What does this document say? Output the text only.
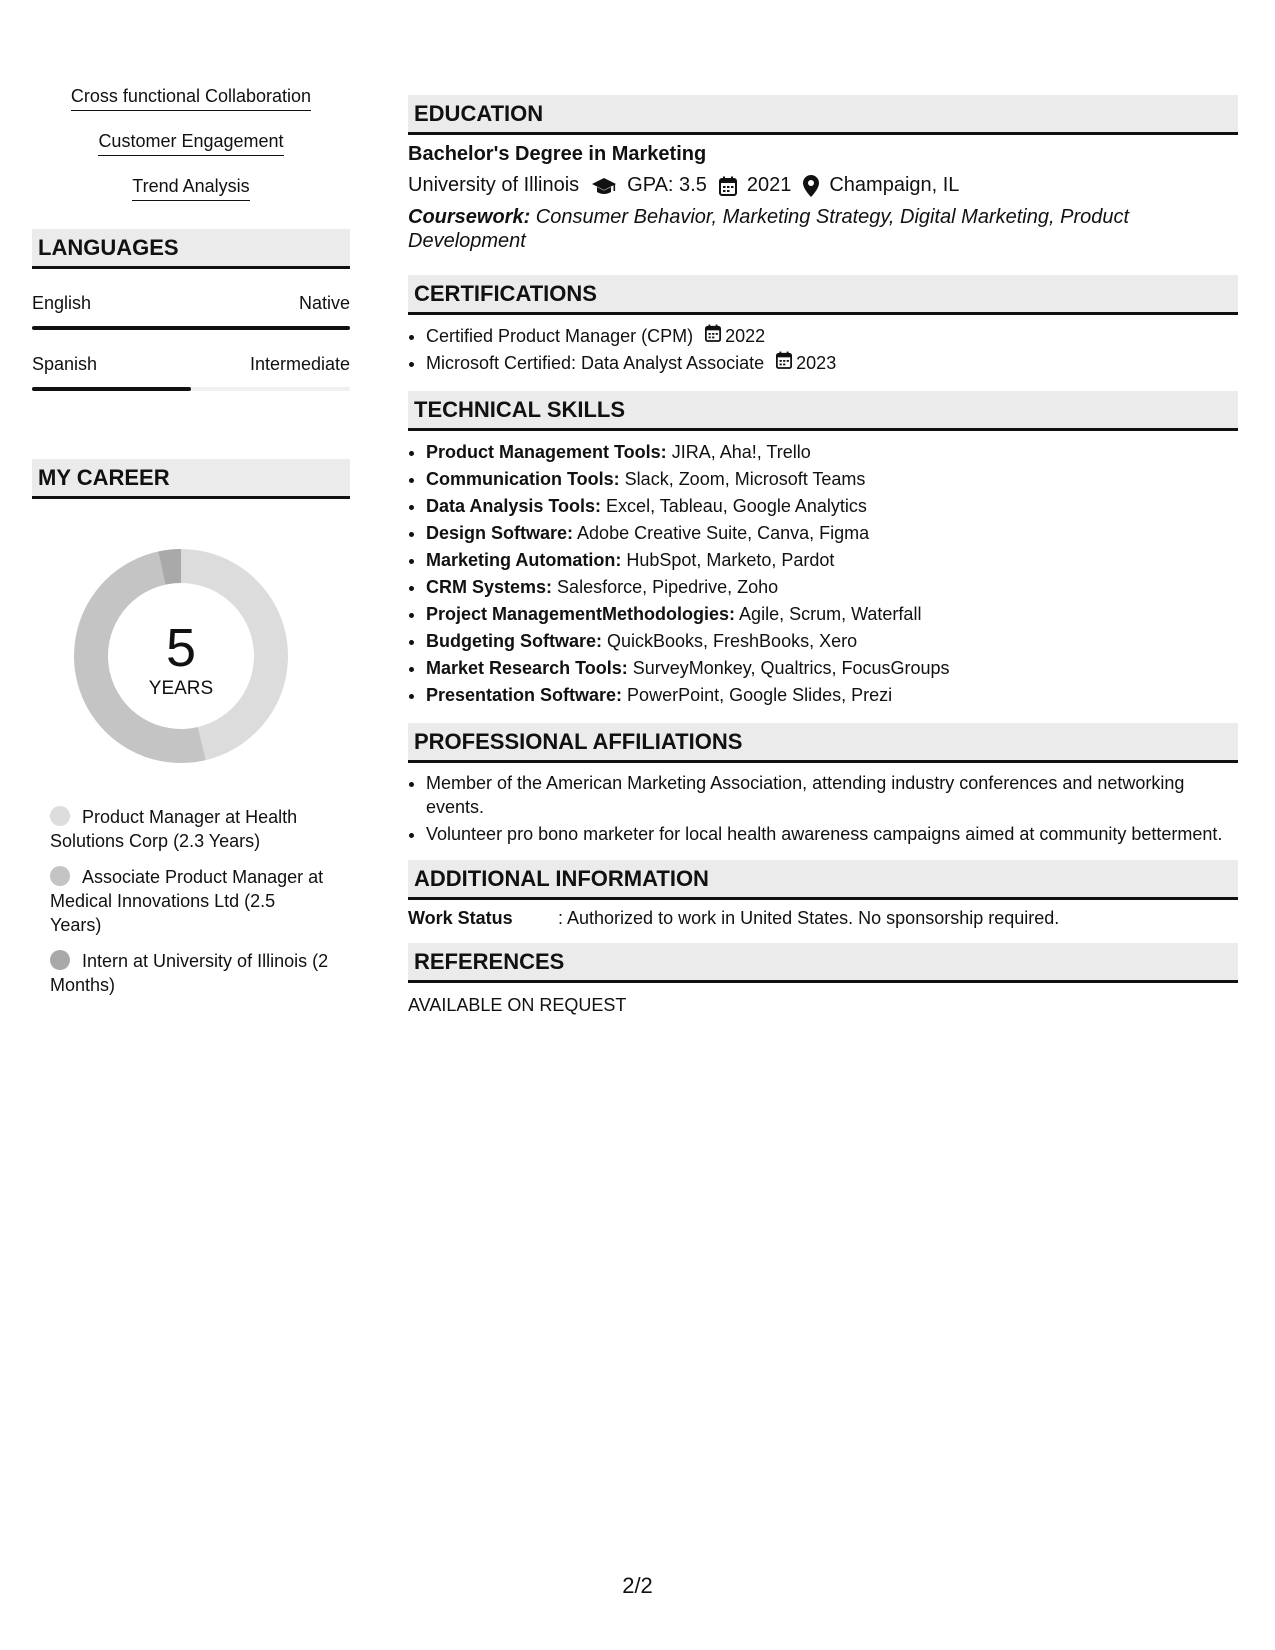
Cross functional Collaboration
Customer Engagement
Trend Analysis
LANGUAGES
English	Native
Spanish	Intermediate
MY CAREER
5
YEARS
Product Manager at Health Solutions Corp (2.3 Years)
Associate Product Manager at Medical Innovations Ltd (2.5 Years)
Intern at University of Illinois (2 Months)
EDUCATION
Bachelor's Degree in Marketing
University of Illinois GPA: 3.5 2021 Champaign, IL
Coursework: Consumer Behavior, Marketing Strategy, Digital Marketing, Product Development
CERTIFICATIONS
• Certified Product Manager (CPM) 2022
• Microsoft Certified: Data Analyst Associate 2023
TECHNICAL SKILLS
• Product Management Tools: JIRA, Aha!, Trello
• Communication Tools: Slack, Zoom, Microsoft Teams
• Data Analysis Tools: Excel, Tableau, Google Analytics
• Design Software: Adobe Creative Suite, Canva, Figma
• Marketing Automation: HubSpot, Marketo, Pardot
• CRM Systems: Salesforce, Pipedrive, Zoho
• Project ManagementMethodologies: Agile, Scrum, Waterfall
• Budgeting Software: QuickBooks, FreshBooks, Xero
• Market Research Tools: SurveyMonkey, Qualtrics, FocusGroups
• Presentation Software: PowerPoint, Google Slides, Prezi
PROFESSIONAL AFFILIATIONS
• Member of the American Marketing Association, attending industry conferences and networking events.
• Volunteer pro bono marketer for local health awareness campaigns aimed at community betterment.
ADDITIONAL INFORMATION
Work Status	: Authorized to work in United States. No sponsorship required.
REFERENCES
AVAILABLE ON REQUEST
2/2
